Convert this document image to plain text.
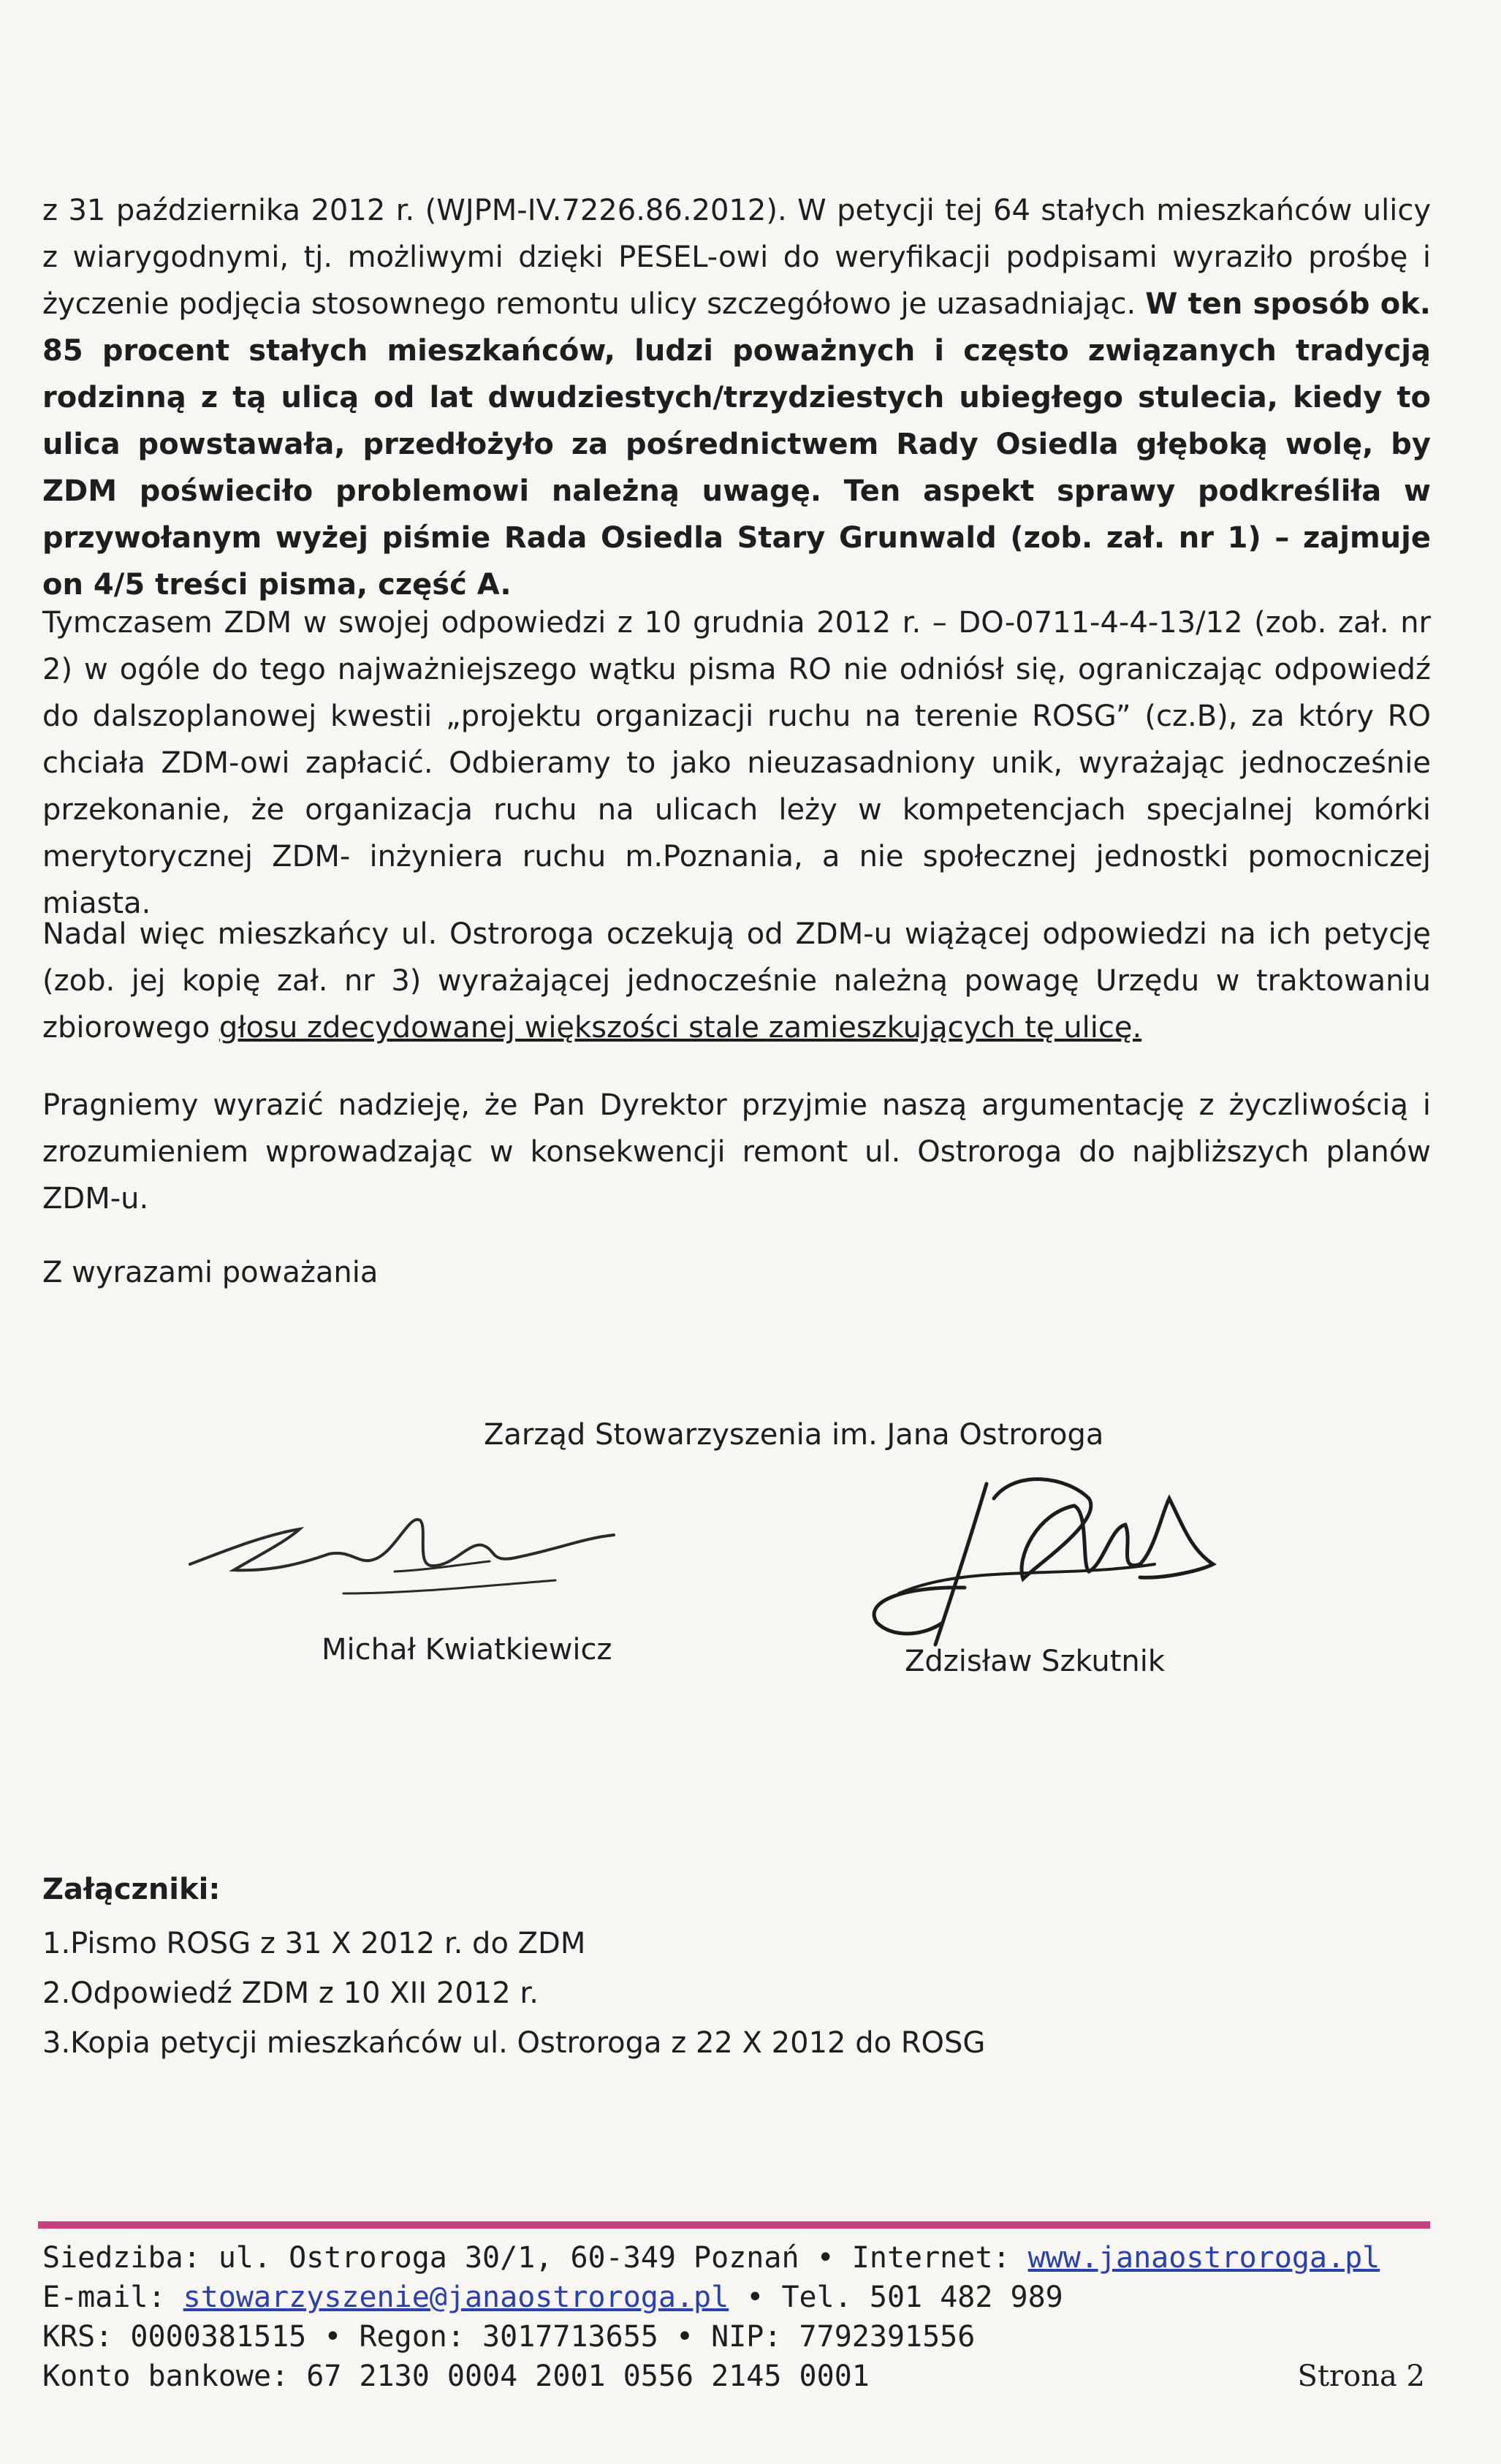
z 31 października 2012 r. (WJPM-IV.7226.86.2012). W petycji tej 64 stałych mieszkańców ulicy z wiarygodnymi, tj. możliwymi dzięki PESEL-owi do weryfikacji podpisami wyraziło prośbę i życzenie podjęcia stosownego remontu ulicy szczegółowo je uzasadniając. W ten sposób ok. 85 procent stałych mieszkańców, ludzi poważnych i często związanych tradycją rodzinną z tą ulicą od lat dwudziestych/trzydziestych ubiegłego stulecia, kiedy to ulica powstawała, przedłożyło za pośrednictwem Rady Osiedla głęboką wolę, by ZDM poświeciło problemowi należną uwagę. Ten aspekt sprawy podkreśliła w przywołanym wyżej piśmie Rada Osiedla Stary Grunwald (zob. zał. nr 1) – zajmuje on 4/5 treści pisma, część A.

Tymczasem ZDM w swojej odpowiedzi z 10 grudnia 2012 r. – DO-0711-4-4-13/12 (zob. zał. nr 2) w ogóle do tego najważniejszego wątku pisma RO nie odniósł się, ograniczając odpowiedź do dalszoplanowej kwestii „projektu organizacji ruchu na terenie ROSG” (cz.B), za który RO chciała ZDM-owi zapłacić. Odbieramy to jako nieuzasadniony unik, wyrażając jednocześnie przekonanie, że organizacja ruchu na ulicach leży w kompetencjach specjalnej komórki merytorycznej ZDM- inżyniera ruchu m.Poznania, a nie społecznej jednostki pomocniczej miasta.

Nadal więc mieszkańcy ul. Ostroroga oczekują od ZDM-u wiążącej odpowiedzi na ich petycję (zob. jej kopię zał. nr 3) wyrażającej jednocześnie należną powagę Urzędu w traktowaniu zbiorowego głosu zdecydowanej większości stale zamieszkujących tę ulicę.

Pragniemy wyrazić nadzieję, że Pan Dyrektor przyjmie naszą argumentację z życzliwością i zrozumieniem wprowadzając w konsekwencji remont ul. Ostroroga do najbliższych planów ZDM-u.

Z wyrazami poważania
Zarząd Stowarzyszenia im. Jana Ostroroga
Michał Kwiatkiewicz	Zdzisław Szkutnik
Załączniki:
1.Pismo ROSG z 31 X 2012 r. do ZDM
2.Odpowiedź ZDM z 10 XII 2012 r.
3.Kopia petycji mieszkańców ul. Ostroroga z 22 X 2012 do ROSG
Siedziba: ul. Ostroroga 30/1, 60-349 Poznań • Internet: www.janaostroroga.pl
E-mail: stowarzyszenie@janaostroroga.pl • Tel. 501 482 989
KRS: 0000381515 • Regon: 3017713655 • NIP: 7792391556
Konto bankowe: 67 2130 0004 2001 0556 2145 0001	Strona 2
